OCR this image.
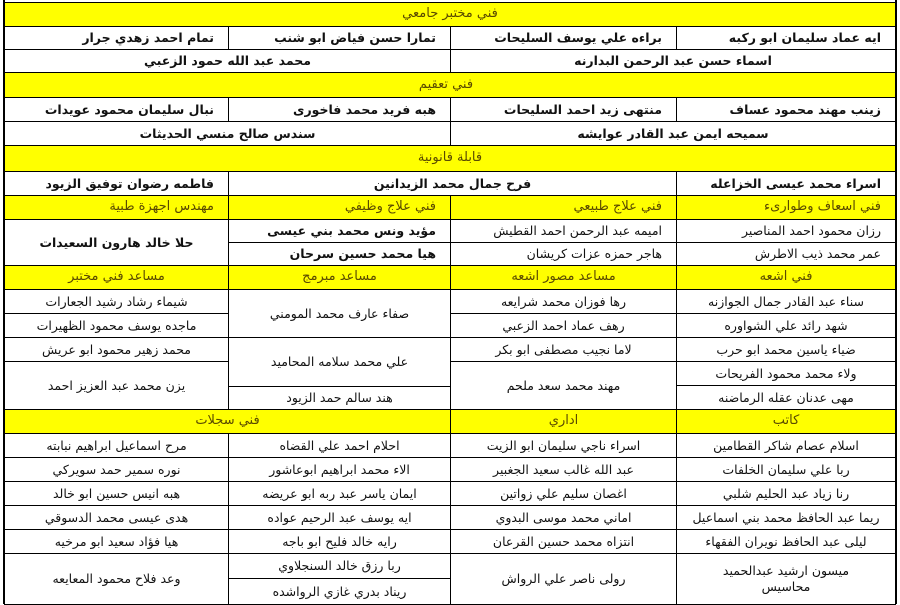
فني مختبر جامعي
ايه عماد سليمان ابو ركبه
براءه علي يوسف السليحات
تمارا حسن فياض ابو شنب
تمام احمد زهدي جرار
اسماء حسن عبد الرحمن البدارنه
محمد عبد الله حمود الزعبي
فني تعقيم
زينب مهند محمود عساف
منتهى زيد احمد السليحات
هبه فريد محمد فاخورى
نبال سليمان محمود عويدات
سميحه ايمن عبد القادر عوايشه
سندس صالح منسي الحديثات
قابلة قانونية
اسراء محمد عيسى الخزاعله
فرح جمال محمد الزيدانين
فاطمه رضوان توفيق الزيود
فني اسعاف وطوارىء
فني علاج طبيعي
فني علاج وظيفي
مهندس اجهزة طبية
رزان محمود احمد المناصير
عمر محمد ذيب الاطرش
اميمه عبد الرحمن احمد القطيش
هاجر حمزه عزات كريشان
مؤيد ونس محمد بني عيسى
هيا محمد حسين سرحان
حلا خالد هارون السعيدات
فني اشعه
مساعد مصور اشعه
مساعد مبرمج
مساعد فني مختبر
سناء عبد القادر جمال الجوازنه
شهد رائد علي الشواوره
ضياء ياسين محمد ابو حرب
ولاء محمد محمود الفريحات
مهى عدنان عقله الرماضنه
رها فوزان محمد شرايعه
رهف عماد احمد الزعبي
لاما نجيب مصطفى ابو بكر
مهند محمد سعد ملحم
صفاء عارف محمد المومني
علي محمد سلامه المحاميد
هند سالم حمد الزيود
شيماء رشاد رشيد الجعارات
ماجده يوسف محمود الظهيرات
محمد زهير محمود ابو عريش
يزن محمد عبد العزيز احمد
كاتب
اداري
فني سجلات
اسلام عصام شاكر القطامين
ربا علي سليمان الخلفات
رنا زياد عبد الحليم شلبي
ريما عبد الحافظ محمد بني اسماعيل
ليلى عبد الحافظ نويران الفقهاء
ميسون ارشيد عبدالحميد
محاسيس
اسراء ناجي سليمان ابو الزيت
عبد الله غالب سعيد الجغبير
اغصان سليم علي زواتين
اماني محمد موسى البدوي
انتزاه محمد حسين القرعان
رولى ناصر علي الرواش
احلام احمد علي القضاه
الاء محمد ابراهيم ابوعاشور
ايمان ياسر عبد ربه ابو عريضه
ايه يوسف عبد الرحيم عواده
رايه خالد فليح ابو باجه
ربا رزق خالد السنجلاوي
ريناد بدري غازي الرواشده
مرح اسماعيل ابراهيم نبابته
نوره سمير حمد سويركي
هبه انيس حسين ابو خالد
هدى عيسى محمد الدسوقي
هيا فؤاد سعيد ابو مرخيه
وعد فلاح محمود المعايعه
